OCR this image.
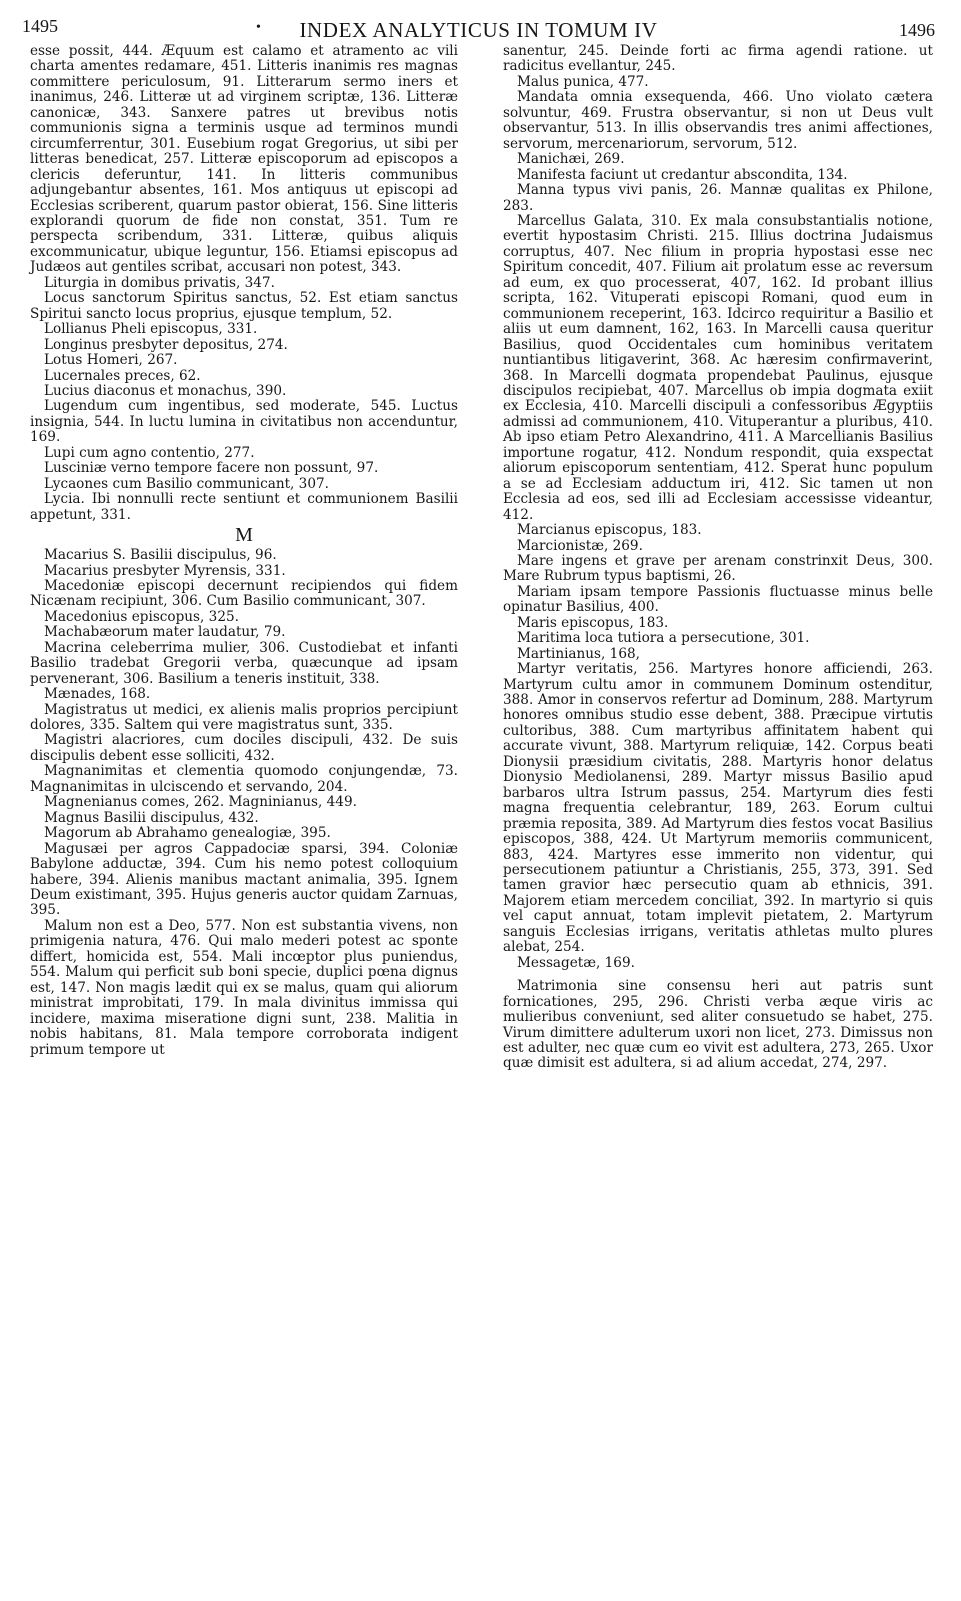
1495	•	INDEX ANALYTICUS IN TOMUM IV	1496

esse possit, 444. Æquum est calamo et atramento ac vili charta amentes redamare, 451. Litteris inanimis res magnas committere periculosum, 91. Litterarum sermo iners et inanimus, 246. Litteræ ut ad virginem scriptæ, 136. Litteræ canonicæ, 343. Sanxere patres ut brevibus notis communionis signa a terminis usque ad terminos mundi circumferrentur, 301. Eusebium rogat Gregorius, ut sibi per litteras benedicat, 257. Litteræ episcoporum ad episcopos a clericis deferuntur, 141. In litteris communibus adjungebantur absentes, 161. Mos antiquus ut episcopi ad Ecclesias scriberent, quarum pastor obierat, 156. Sine litteris explorandi quorum de fide non constat, 351. Tum re perspecta scribendum, 331. Litteræ, quibus aliquis excommunicatur, ubique leguntur, 156. Etiamsi episcopus ad Judæos aut gentiles scribat, accusari non potest, 343.

Liturgia in domibus privatis, 347.

Locus sanctorum Spiritus sanctus, 52. Est etiam sanctus Spiritui sancto locus proprius, ejusque templum, 52.

Lollianus Pheli episcopus, 331.

Longinus presbyter depositus, 274.

Lotus Homeri, 267.

Lucernales preces, 62.

Lucius diaconus et monachus, 390.

Lugendum cum ingentibus, sed moderate, 545. Luctus insignia, 544. In luctu lumina in civitatibus non accenduntur, 169.

Lupi cum agno contentio, 277.

Lusciniæ verno tempore facere non possunt, 97.

Lycaones cum Basilio communicant, 307.

Lycia. Ibi nonnulli recte sentiunt et communionem Basilii appetunt, 331.

M

Macarius S. Basilii discipulus, 96.

Macarius presbyter Myrensis, 331.

Macedoniæ episcopi decernunt recipiendos qui fidem Nicænam recipiunt, 306. Cum Basilio communicant, 307.

Macedonius episcopus, 325.

Machabæorum mater laudatur, 79.

Macrina celeberrima mulier, 306. Custodiebat et infanti Basilio tradebat Gregorii verba, quæcunque ad ipsam pervenerant, 306. Basilium a teneris instituit, 338.

Mænades, 168.

Magistratus ut medici, ex alienis malis proprios percipiunt dolores, 335. Saltem qui vere magistratus sunt, 335.

Magistri alacriores, cum dociles discipuli, 432. De suis discipulis debent esse solliciti, 432.

Magnanimitas et clementia quomodo conjungendæ, 73. Magnanimitas in ulciscendo et servando, 204.

Magnenianus comes, 262. Magninianus, 449.

Magnus Basilii discipulus, 432.

Magorum ab Abrahamo genealogiæ, 395.

Magusæi per agros Cappadociæ sparsi, 394. Coloniæ Babylone adductæ, 394. Cum his nemo potest colloquium habere, 394. Alienis manibus mactant animalia, 395. Ignem Deum existimant, 395. Hujus generis auctor quidam Zarnuas, 395.

Malum non est a Deo, 577. Non est substantia vivens, non primigenia natura, 476. Qui malo mederi potest ac sponte differt, homicida est, 554. Mali incœptor plus puniendus, 554. Malum qui perficit sub boni specie, duplici pœna dignus est, 147. Non magis lædit qui ex se malus, quam qui aliorum ministrat improbitati, 179. In mala divinitus immissa qui incidere, maxima miseratione digni sunt, 238. Malitia in nobis habitans, 81. Mala tempore corroborata indigent primum tempore ut

sanentur, 245. Deinde forti ac firma agendi ratione. ut radicitus evellantur, 245.

Malus punica, 477.

Mandata omnia exsequenda, 466. Uno violato cætera solvuntur, 469. Frustra observantur, si non ut Deus vult observantur, 513. In illis observandis tres animi affectiones, servorum, mercenariorum, servorum, 512.

Manichæi, 269.

Manifesta faciunt ut credantur abscondita, 134.

Manna typus vivi panis, 26. Mannæ qualitas ex Philone, 283.

Marcellus Galata, 310. Ex mala consubstantialis notione, evertit hypostasim Christi. 215. Illius doctrina Judaismus corruptus, 407. Nec filium in propria hypostasi esse nec Spiritum concedit, 407. Filium ait prolatum esse ac reversum ad eum, ex quo processerat, 407, 162. Id probant illius scripta, 162. Vituperati episcopi Romani, quod eum in communionem receperint, 163. Idcirco requiritur a Basilio et aliis ut eum damnent, 162, 163. In Marcelli causa queritur Basilius, quod Occidentales cum hominibus veritatem nuntiantibus litigaverint, 368. Ac hæresim confirmaverint, 368. In Marcelli dogmata propendebat Paulinus, ejusque discipulos recipiebat, 407. Marcellus ob impia dogmata exiit ex Ecclesia, 410. Marcelli discipuli a confessoribus Ægyptiis admissi ad communionem, 410. Vituperantur a pluribus, 410. Ab ipso etiam Petro Alexandrino, 411. A Marcellianis Basilius importune rogatur, 412. Nondum respondit, quia exspectat aliorum episcoporum sententiam, 412. Sperat hunc populum a se ad Ecclesiam adductum iri, 412. Sic tamen ut non Ecclesia ad eos, sed illi ad Ecclesiam accessisse videantur, 412.

Marcianus episcopus, 183.

Marcionistæ, 269.

Mare ingens et grave per arenam constrinxit Deus, 300. Mare Rubrum typus baptismi, 26.

Mariam ipsam tempore Passionis fluctuasse minus belle opinatur Basilius, 400.

Maris episcopus, 183.

Maritima loca tutiora a persecutione, 301.

Martinianus, 168,

Martyr veritatis, 256. Martyres honore afficiendi, 263. Martyrum cultu amor in communem Dominum ostenditur, 388. Amor in conservos refertur ad Dominum, 288. Martyrum honores omnibus studio esse debent, 388. Præcipue virtutis cultoribus, 388. Cum martyribus affinitatem habent qui accurate vivunt, 388. Martyrum reliquiæ, 142. Corpus beati Dionysii præsidium civitatis, 288. Martyris honor delatus Dionysio Mediolanensi, 289. Martyr missus Basilio apud barbaros ultra Istrum passus, 254. Martyrum dies festi magna frequentia celebrantur, 189, 263. Eorum cultui præmia reposita, 389. Ad Martyrum dies festos vocat Basilius episcopos, 388, 424. Ut Martyrum memoriis communicent, 883, 424. Martyres esse immerito non videntur, qui persecutionem patiuntur a Christianis, 255, 373, 391. Sed tamen gravior hæc persecutio quam ab ethnicis, 391. Majorem etiam mercedem conciliat, 392. In martyrio si quis vel caput annuat, totam implevit pietatem, 2. Martyrum sanguis Ecclesias irrigans, veritatis athletas multo plures alebat, 254.

Messagetæ, 169.

Matrimonia sine consensu heri aut patris sunt fornicationes, 295, 296. Christi verba æque viris ac mulieribus conveniunt, sed aliter consuetudo se habet, 275. Virum dimittere adulterum uxori non licet, 273. Dimissus non est adulter, nec quæ cum eo vivit est adultera, 273, 265. Uxor quæ dimisit est adultera, si ad alium accedat, 274, 297.
